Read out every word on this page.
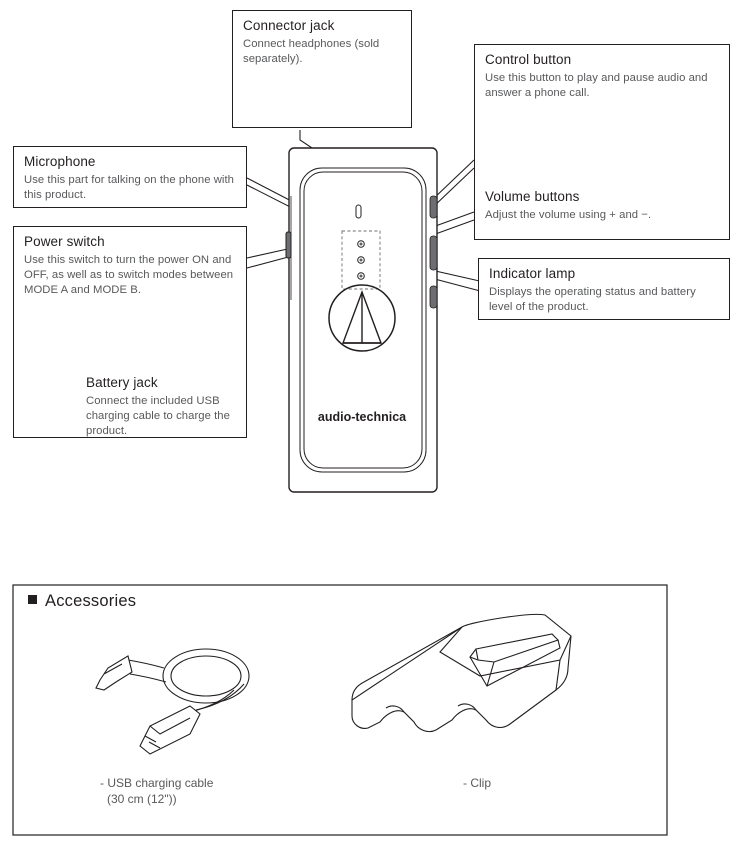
audio-technica
Connector jack
Connect headphones (sold separately).	Control button
Use this button to play and pause audio and answer a phone call.
Volume buttons
Adjust the volume using + and −.
Microphone
Use this part for talking on the phone with this product.
Power switch
Use this switch to turn the power ON and OFF, as well as to switch modes between MODE A and MODE B.
Battery jack
Connect the included USB charging cable to charge the product.
Indicator lamp
Displays the operating status and battery level of the product.
Accessories
- USB charging cable
(30 cm (12"))
- Clip
